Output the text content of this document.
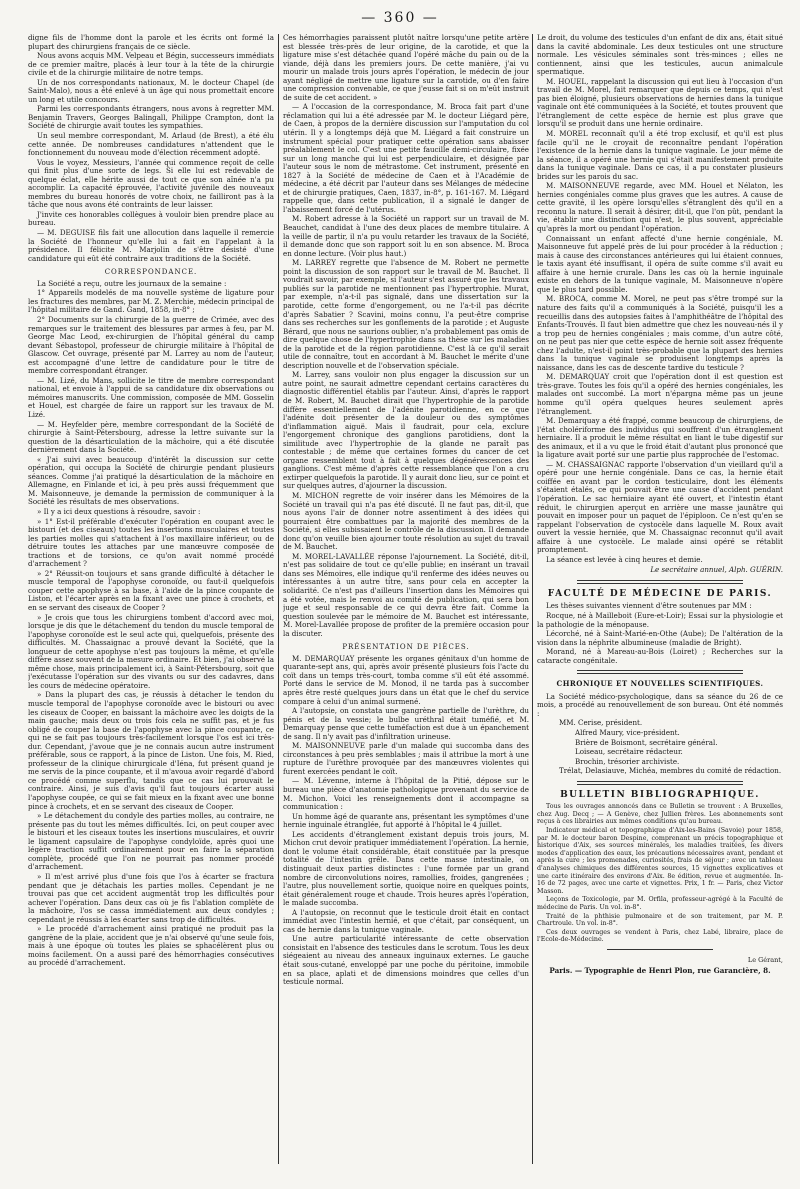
— 360 —

digne fils de l'homme dont la parole et les écrits ont formé la plupart des chirurgiens français de ce siècle.

Nous avons acquis MM. Velpeau et Bégin, successeurs immédiats de ce premier maître, placés à leur tour à la tête de la chirurgie civile et de la chirurgie militaire de notre temps.

Un de nos correspondants nationaux, M. le docteur Chapel (de Saint-Malo), nous a été enlevé à un âge qui nous promettait encore un long et utile concours.

Parmi les correspondants étrangers, nous avons à regretter MM. Benjamin Travers, Georges Balingall, Philippe Crampton, dont la Société de chirurgie avait toutes les sympathies.

Un seul membre correspondant, M. Arlaud (de Brest), a été élu cette année. De nombreuses candidatures n'attendent que le fonctionnement du nouveau mode d'élection récemment adopté.

Vous le voyez, Messieurs, l'année qui commence reçoit de celle qui finit plus d'une sorte de legs. Si elle lui est redevable de quelque éclat, elle hérite aussi de tout ce que son aînée n'a pu accomplir. La capacité éprouvée, l'activité juvénile des nouveaux membres du bureau honorés de votre choix, ne failliront pas à la tâche que nous avons été contraints de leur laisser.

J'invite ces honorables collègues à vouloir bien prendre place au bureau.

— M. DEGUISE fils fait une allocution dans laquelle il remercie la Société de l'honneur qu'elle lui a fait en l'appelant à la présidence. Il félicite M. Marjolin de s'être désisté d'une candidature qui eût été contraire aux traditions de la Société.

CORRESPONDANCE.

La Société a reçu, outre les journaux de la semaine :

1° Appareils modelés de ma nouvelle système de ligature pour les fractures des membres, par M. Z. Merchie, médecin principal de l'hôpital militaire de Gand. Gand, 1858, in-8° ;

2° Documents sur la chirurgie de la guerre de Crimée, avec des remarques sur le traitement des blessures par armes à feu, par M. George Mac Leod, ex-chirurgien de l'hôpital général du camp devant Sébastopol, professeur de chirurgie militaire à l'hôpital de Glascow. Cet ouvrage, présenté par M. Larrey au nom de l'auteur, est accompagné d'une lettre de candidature pour le titre de membre correspondant étranger.

— M. Lizé, du Mans, sollicite le titre de membre correspondant national, et envoie à l'appui de sa candidature dix observations ou mémoires manuscrits. Une commission, composée de MM. Gosselin et Houel, est chargée de faire un rapport sur les travaux de M. Lizé.

— M. Heyfelder père, membre correspondant de la Société de chirurgie à Saint-Pétersbourg, adresse la lettre suivante sur la question de la désarticulation de la mâchoire, qui a été discutée dernièrement dans la Société.

« J'ai suivi avec beaucoup d'intérêt la discussion sur cette opération, qui occupa la Société de chirurgie pendant plusieurs séances. Comme j'ai pratiqué la désarticulation de la mâchoire en Allemagne, en Finlande et ici, à peu près aussi fréquemment que M. Maisonneuve, je demande la permission de communiquer à la Société les résultats de mes observations.

» Il y a ici deux questions à résoudre, savoir :

» 1° Est-il préférable d'exécuter l'opération en coupant avec le bistouri (et des ciseaux) toutes les insertions musculaires et toutes les parties molles qui s'attachent à l'os maxillaire inférieur, ou de détruire toutes les attaches par une manœuvre composée de tractions et de torsions, ce qu'on avait nommé procédé d'arrachement ?

» 2° Réussit-on toujours et sans grande difficulté à détacher le muscle temporal de l'apophyse coronoïde, ou faut-il quelquefois couper cette apophyse à sa base, à l'aide de la pince coupante de Liston, et l'écarter après en la fixant avec une pince à crochets, et en se servant des ciseaux de Cooper ?

» Je crois que tous les chirurgiens tombent d'accord avec moi, lorsque je dis que le détachement du tendon du muscle temporal de l'apophyse coronoïde est le seul acte qui, quelquefois, présente des difficultés. M. Chassaignac a prouvé devant la Société, que la longueur de cette apophyse n'est pas toujours la même, et qu'elle diffère assez souvent de la mesure ordinaire. Et bien, j'ai observé la même chose, mais principalement ici, à Saint-Pétersbourg, soit que j'exécutasse l'opération sur des vivants ou sur des cadavres, dans les cours de médecine opératoire.

» Dans la plupart des cas, je réussis à détacher le tendon du muscle temporal de l'apophyse coronoïde avec le bistouri ou avec les ciseaux de Cooper, en baissant la mâchoire avec les doigts de la main gauche; mais deux ou trois fois cela ne suffit pas, et je fus obligé de couper la base de l'apophyse avec la pince coupante, ce qui ne se fait pas toujours très-facilement lorsque l'os est ici très-dur. Cependant, j'avoue que je ne connais aucun autre instrument préférable, sous ce rapport, à la pince de Liston. Une fois, M. Ried, professeur de la clinique chirurgicale d'Iéna, fut présent quand je me servis de la pince coupante, et il m'avoua avoir regardé d'abord ce procédé comme superflu, tandis que ce cas lui prouvait le contraire. Ainsi, je suis d'avis qu'il faut toujours écarter aussi l'apophyse coupée, ce qui se fait mieux en la fixant avec une bonne pince à crochets, et en se servant des ciseaux de Cooper.

» Le détachement du condyle des parties molles, au contraire, ne présente pas du tout les mêmes difficultés. Ici, on peut couper avec le bistouri et les ciseaux toutes les insertions musculaires, et ouvrir le ligament capsulaire de l'apophyse condyloïde, après quoi une légère traction suffit ordinairement pour en faire la séparation complète, procédé que l'on ne pourrait pas nommer procédé d'arrachement.

» Il m'est arrivé plus d'une fois que l'os à écarter se fractura pendant que je détachais les parties molles. Cependant je ne trouvai pas que cet accident augmentât trop les difficultés pour achever l'opération. Dans deux cas où je fis l'ablation complète de la mâchoire, l'os se cassa immédiatement aux deux condyles ; cependant je réussis à les écarter sans trop de difficultés.

» Le procédé d'arrachement ainsi pratiqué ne produit pas la gangrène de la plaie, accident que je n'ai observé qu'une seule fois, mais à une époque où toutes les plaies se sphacélèrent plus ou moins facilement. On a aussi paré des hémorrhagies consécutives au procédé d'arrachement.

Ces hémorrhagies paraissent plutôt naître lorsqu'une petite artère est blessée très-près de leur origine, de la carotide, et que la ligature mise s'est détachée quand l'opéré mâche du pain ou de la viande, déjà dans les premiers jours. De cette manière, j'ai vu mourir un malade trois jours après l'opération, le médecin de jour ayant négligé de mettre une ligature sur la carotide, ou d'en faire une compression convenable, ce que j'eusse fait si on m'eût instruit de suite de cet accident. »

— A l'occasion de la correspondance, M. Broca fait part d'une réclamation qui lui a été adressée par M. le docteur Liégard père, de Caen, à propos de la dernière discussion sur l'amputation du col utérin. Il y a longtemps déjà que M. Liégard a fait construire un instrument spécial pour pratiquer cette opération sans abaisser préalablement le col. C'est une petite faucille demi-circulaire, fixée sur un long manche qui lui est perpendiculaire, et désignée par l'auteur sous le nom de métrastome. Cet instrument, présenté en 1827 à la Société de médecine de Caen et à l'Académie de médecine, a été décrit par l'auteur dans ses Mélanges de médecine et de chirurgie pratiques, Caen, 1837, in-8°, p. 161-167. M. Liégard rappelle que, dans cette publication, il a signalé le danger de l'abaissement forcé de l'utérus.

M. Robert adresse à la Société un rapport sur un travail de M. Beauchet, candidat à l'une des deux places de membre titulaire. A la veille de partir, il n'a pu voulu retarder les travaux de la Société, il demande donc que son rapport soit lu en son absence. M. Broca en donne lecture. (Voir plus haut.)

M. LARREY regrette que l'absence de M. Robert ne permette point la discussion de son rapport sur le travail de M. Bauchet. Il voudrait savoir, par exemple, si l'auteur s'est assuré que les travaux publiés sur la parotide ne mentionnent pas l'hypertrophie. Murat, par exemple, n'a-t-il pas signalé, dans une dissertation sur la parotide, cette forme d'engorgement, ou ne l'a-t-il pas décrite d'après Sabatier ? Scavini, moins connu, l'a peut-être comprise dans ses recherches sur les gonflements de la parotide ; et Auguste Bérard, que nous ne saurions oublier, n'a probablement pas omis de dire quelque chose de l'hypertrophie dans sa thèse sur les maladies de la parotide et de la région parotidienne. C'est là ce qu'il serait utile de connaître, tout en accordant à M. Bauchet le mérite d'une description nouvelle et de l'observation spéciale.

M. Larrey, sans vouloir non plus engager la discussion sur un autre point, ne saurait admettre cependant certains caractères du diagnostic différentiel établis par l'auteur. Ainsi, d'après le rapport de M. Robert, M. Bauchet dirait que l'hypertrophie de la parotide diffère essentiellement de l'adénite parotidienne, en ce que l'adénite doit présenter de la douleur ou des symptômes d'inflammation aiguë. Mais il faudrait, pour cela, exclure l'engorgement chronique des ganglions parotidiens, dont la similitude avec l'hypertrophie de la glande ne paraît pas contestable ; de même que certaines formes du cancer de cet organe ressemblent tout à fait à quelques dégénérescences des ganglions. C'est même d'après cette ressemblance que l'on a cru extirper quelquefois la parotide. Il y aurait donc lieu, sur ce point et sur quelques autres, d'ajourner la discussion.

M. MICHON regrette de voir insérer dans les Mémoires de la Société un travail qui n'a pas été discuté. Il ne faut pas, dit-il, que nous ayons l'air de donner notre assentiment à des idées qui pourraient être combattues par la majorité des membres de la Société, si elles subissaient le contrôle de la discussion. Il demande donc qu'on veuille bien ajourner toute résolution au sujet du travail de M. Bauchet.

M. MOREL-LAVALLÉE réponse l'ajournement. La Société, dit-il, n'est pas solidaire de tout ce qu'elle publie; en insérant un travail dans ses Mémoires, elle indique qu'il renferme des idées neuves ou intéressantes à un autre titre, sans pour cela en accepter la solidarité. Ce n'est pas d'ailleurs l'insertion dans les Mémoires qui a été votée, mais le renvoi au comité de publication, qui sera bon juge et seul responsable de ce qui devra être fait. Comme la question soulevée par le mémoire de M. Bauchet est intéressante, M. Morel-Lavallée propose de profiter de la première occasion pour la discuter.

PRÉSENTATION DE PIÈCES.

M. DEMARQUAY présente les organes génitaux d'un homme de quarante-sept ans, qui, après avoir présenté plusieurs fois l'acte du coït dans un temps très-court, tomba comme s'il eût été assommé. Porté dans le service de M. Monod, il ne tarda pas à succomber après être resté quelques jours dans un état que le chef du service compare à celui d'un animal surmené.

A l'autopsie, on constata une gangrène partielle de l'urèthre, du pénis et de la vessie; le bulbe uréthral était tuméfié, et M. Demarquay pense que cette tuméfaction est due à un épanchement de sang. Il n'y avait pas d'infiltration urineuse.

M. MAISONNEUVE parle d'un malade qui succomba dans des circonstances à peu près semblables ; mais il attribue la mort à une rupture de l'urèthre provoquée par des manœuvres violentes qui furent exercées pendant le coït.

— M. Lévenne, interne à l'hôpital de la Pitié, dépose sur le bureau une pièce d'anatomie pathologique provenant du service de M. Michon. Voici les renseignements dont il accompagne sa communication :

Un homme âgé de quarante ans, présentant les symptômes d'une hernie inguinale étranglée, fut apporté à l'hôpital le 4 juillet.

Les accidents d'étranglement existant depuis trois jours, M. Michon crut devoir pratiquer immédiatement l'opération. La hernie, dont le volume était considérable, était constituée par la presque totalité de l'intestin grêle. Dans cette masse intestinale, on distinguait deux parties distinctes : l'une formée par un grand nombre de circonvolutions noires, ramollies, froides, gangrenées ; l'autre, plus nouvellement sortie, quoique noire en quelques points, était généralement rouge et chaude. Trois heures après l'opération, le malade succomba.

A l'autopsie, on reconnut que le testicule droit était en contact immédiat avec l'intestin hernié, et que c'était, par conséquent, un cas de hernie dans la tunique vaginale.

Une autre particularité intéressante de cette observation consistait en l'absence des testicules dans le scrotum. Tous les deux siégeaient au niveau des anneaux inguinaux externes. Le gauche était sous-cutané, enveloppé par une poche du péritoine, immobile en sa place, aplati et de dimensions moindres que celles d'un testicule normal.

Le droit, du volume des testicules d'un enfant de dix ans, était situé dans la cavité abdominale. Les deux testicules ont une structure normale. Les vésicules séminales sont très-minces ; elles ne contiennent, ainsi que les testicules, aucun animalcule spermatique.

M. HOUEL, rappelant la discussion qui eut lieu à l'occasion d'un travail de M. Morel, fait remarquer que depuis ce temps, qui n'est pas bien éloigné, plusieurs observations de hernies dans la tunique vaginale ont été communiquées à la Société, et toutes prouvent que l'étranglement de cette espèce de hernie est plus grave que lorsqu'il se produit dans une hernie ordinaire.

M. MOREL reconnaît qu'il a été trop exclusif, et qu'il est plus facile qu'il ne le croyait de reconnaître pendant l'opération l'existence de la hernie dans la tunique vaginale. Le jour même de la séance, il a opéré une hernie qui s'était manifestement produite dans la tunique vaginale. Dans ce cas, il a pu constater plusieurs brides sur les parois du sac.

M. MAISONNEUVE regarde, avec MM. Houel et Nélaton, les hernies congéniales comme plus graves que les autres. A cause de cette gravité, il les opère lorsqu'elles s'étranglent dès qu'il en a reconnu la nature. Il serait à désirer, dit-il, que l'on pût, pendant la vie, établir une distinction qui n'est, le plus souvent, appréciable qu'après la mort ou pendant l'opération.

Connaissant un enfant affecté d'une hernie congéniale, M. Maisonneuve fut appelé près de lui pour procéder à la réduction ; mais à cause des circonstances antérieures qui lui étaient connues, le taxis ayant été insuffisant, il opéra de suite comme s'il avait eu affaire à une hernie crurale. Dans les cas où la hernie inguinale existe en dehors de la tunique vaginale, M. Maisonneuve n'opère que le plus tard possible.

M. BROCA, comme M. Morel, ne peut pas s'être trompé sur la nature des faits qu'il a communiqués à la Société, puisqu'il les a recueillis dans des autopsies faites à l'amphithéâtre de l'hôpital des Enfants-Trouvés. Il faut bien admettre que chez les nouveau-nés il y a trop peu de hernies congéniales ; mais comme, d'un autre côté, on ne peut pas nier que cette espèce de hernie soit assez fréquente chez l'adulte, n'est-il point très-probable que la plupart des hernies dans la tunique vaginale se produisent longtemps après la naissance, dans les cas de descente tardive du testicule ?

M. DEMARQUAY croit que l'opération dont il est question est très-grave. Toutes les fois qu'il a opéré des hernies congéniales, les malades ont succombé. La mort n'épargna même pas un jeune homme qu'il opéra quelques heures seulement après l'étranglement.

M. Demarquay a été frappé, comme beaucoup de chirurgiens, de l'état cholériforme des individus qui souffrent d'un étranglement herniaire. Il a produit le même résultat en liant le tube digestif sur des animaux, et il a vu que le froid était d'autant plus prononcé que la ligature avait porté sur une partie plus rapprochée de l'estomac.

— M. CHASSAIGNAC rapporte l'observation d'un vieillard qu'il a opéré pour une hernie congéniale. Dans ce cas, la hernie était coiffée en avant par le cordon testiculaire, dont les éléments s'étaient étalés, ce qui pouvait être une cause d'accident pendant l'opération. Le sac herniaire ayant été ouvert, et l'intestin étant réduit, le chirurgien aperçut en arrière une masse jaunâtre qui pouvait en imposer pour un paquet de l'épiploon. Ce n'est qu'en se rappelant l'observation de cystocèle dans laquelle M. Roux avait ouvert la vessie herniée, que M. Chassaignac reconnut qu'il avait affaire à une cystocèle. Le malade ainsi opéré se rétablit promptement.

La séance est levée à cinq heures et demie.

Le secrétaire annuel, Alph. GUÉRIN.
FACULTÉ DE MÉDECINE DE PARIS.

Les thèses suivantes viennent d'être soutenues par MM :

Rocque, né à Mailleboit (Eure-et-Loir); Essai sur la physiologie et la pathologie de la ménopause.

Lécorché, né à Saint-Marié-en-Othe (Aube); De l'altération de la vision dans la néphrite albumineuse (maladie de Bright).

Morand, né à Mareau-au-Bois (Loiret) ; Recherches sur la cataracte congénitale.

CHRONIQUE ET NOUVELLES SCIENTIFIQUES.

La Société médico-psychologique, dans sa séance du 26 de ce mois, a procédé au renouvellement de son bureau. Ont été nommés :

MM. Cerise, président.

Alfred Maury, vice-président.

Brière de Boismont, secrétaire général.

Loiseau, secrétaire rédacteur.

Brochin, trésorier archiviste.

Trélat, Delasiauve, Michéa, membres du comité de rédaction.

BULLETIN BIBLIOGRAPHIQUE.

Tous les ouvrages annoncés dans ce Bulletin se trouvent : A Bruxelles, chez Aug. Decq ; — A Genève, chez Jullien frères. Les abonnements sont reçus à ces librairies aux mêmes conditions qu'au bureau.

Indicateur médical et topographique d'Aix-les-Bains (Savoie) pour 1858, par M. le docteur baron Despine, comprenant un précis topographique et historique d'Aix, ses sources minérales, les maladies traitées, les divers modes d'application des eaux, les précautions nécessaires avant, pendant et après la cure ; les promenades, curiosités, frais de séjour ; avec un tableau d'analyses chimiques des différentes sources, 15 vignettes explicatives et une carte itinéraire des environs d'Aix. 8e édition, revue et augmentée. In-16 de 72 pages, avec une carte et vignettes. Prix, 1 fr. — Paris, chez Victor Masson.

Leçons de Toxicologie, par M. Orfila, professeur-agrégé à la Faculté de médecine de Paris. Un vol. in-8°.

Traité de la phthisie pulmonaire et de son traitement, par M. P. Chartroule. Un vol. in-8°.

Ces deux ouvrages se vendent à Paris, chez Labé, libraire, place de l'Ecole-de-Médecine.

Le Gérant,
Paris. — Typographie de Henri Plon, rue Garancière, 8.
